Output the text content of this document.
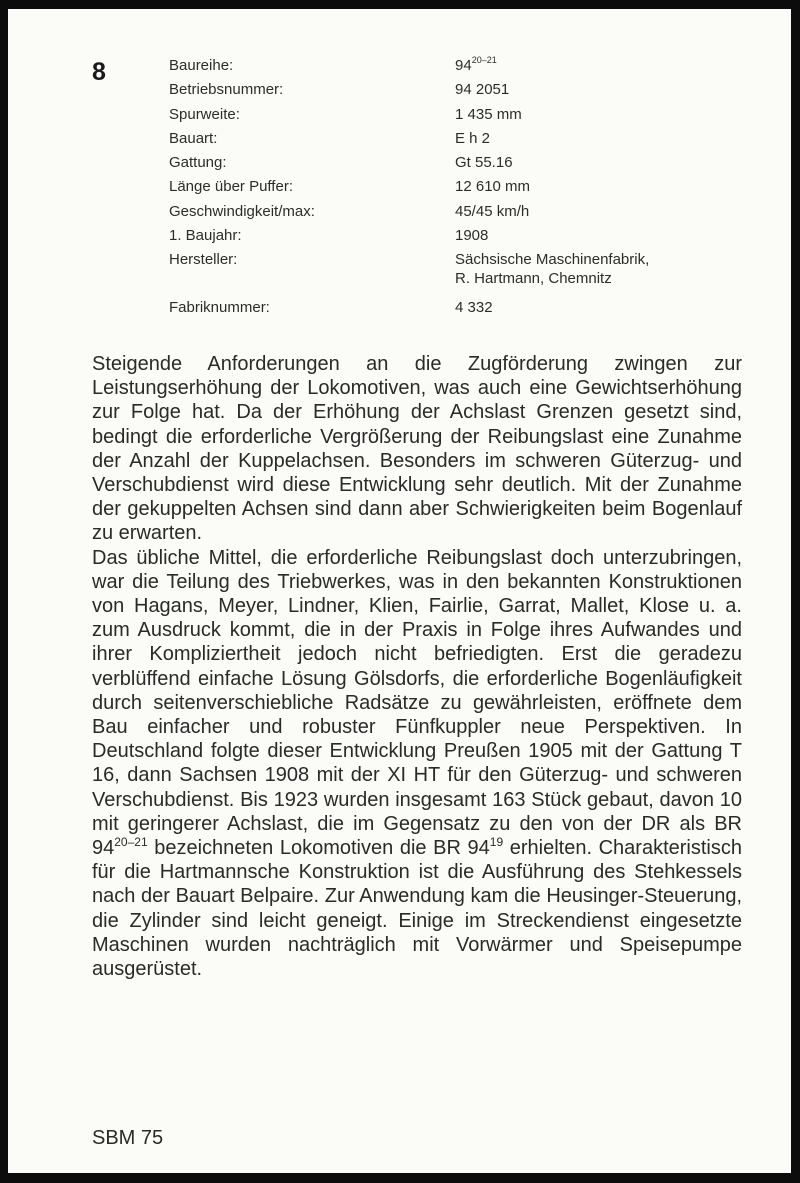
8	Baureihe:	94$^{20-21}$
Betriebsnummer:	94 2051
Spurweite:	1 435 mm
Bauart:	E h 2
Gattung:	Gt 55.16
Länge über Puffer:	12 610 mm
Geschwindigkeit/max:	45/45 km/h
1. Baujahr:	1908
Hersteller:	Sächsische Maschinenfabrik,
R. Hartmann, Chemnitz
Fabriknummer:	4 332

Steigende Anforderungen an die Zugförderung zwingen zur Leistungserhöhung der Lokomotiven, was auch eine Gewichtserhöhung zur Folge hat. Da der Erhöhung der Achslast Grenzen gesetzt sind, bedingt die erforderliche Vergrößerung der Reibungslast eine Zunahme der Anzahl der Kuppelachsen. Besonders im schweren Güterzug- und Verschubdienst wird diese Entwicklung sehr deutlich. Mit der Zunahme der gekuppelten Achsen sind dann aber Schwierigkeiten beim Bogenlauf zu erwarten.

Das übliche Mittel, die erforderliche Reibungslast doch unterzubringen, war die Teilung des Triebwerkes, was in den bekannten Konstruktionen von Hagans, Meyer, Lindner, Klien, Fairlie, Garrat, Mallet, Klose u. a. zum Ausdruck kommt, die in der Praxis in Folge ihres Aufwandes und ihrer Kompliziertheit jedoch nicht befriedigten. Erst die geradezu verblüffend einfache Lösung Gölsdorfs, die erforderliche Bogenläufigkeit durch seitenverschiebliche Radsätze zu gewährleisten, eröffnete dem Bau einfacher und robuster Fünfkuppler neue Perspektiven. In Deutschland folgte dieser Entwicklung Preußen 1905 mit der Gattung T 16, dann Sachsen 1908 mit der XI HT für den Güterzug- und schweren Verschubdienst. Bis 1923 wurden insgesamt 163 Stück gebaut, davon 10 mit geringerer Achslast, die im Gegensatz zu den von der DR als BR 94$^{20-21}$ bezeichneten Lokomotiven die BR $94^{19}$ erhielten. Charakteristisch für die Hartmannsche Konstruktion ist die Ausführung des Stehkessels nach der Bauart Belpaire. Zur Anwendung kam die Heusinger-Steuerung, die Zylinder sind leicht geneigt. Einige im Streckendienst eingesetzte Maschinen wurden nachträglich mit Vorwärmer und Speisepumpe ausgerüstet.

SBM 75
